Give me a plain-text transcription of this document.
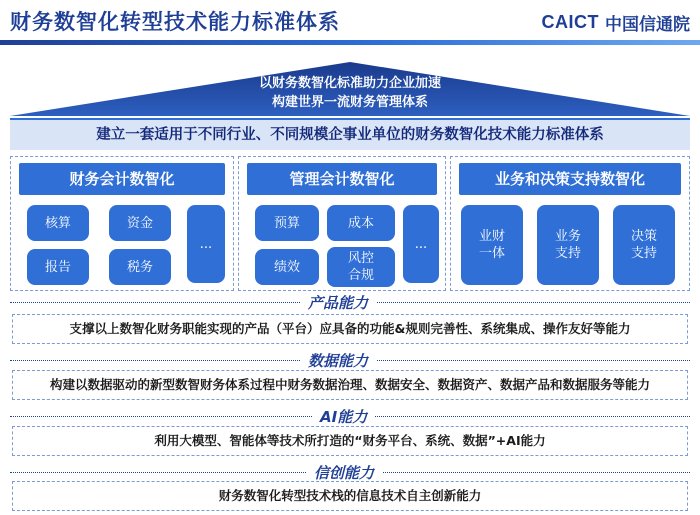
财务数智化转型技术能力标准体系	CAICT 中国信通院
以财务数智化标准助力企业加速
构建世界一流财务管理体系
建立一套适用于不同行业、不同规模企事业单位的财务数智化技术能力标准体系
财务会计数智化
核算	资金
...
报告	税务
管理会计数智化
预算	成本
...
绩效
风控
合规
业务和决策支持数智化
业财
一体
业务
支持
决策
支持
产品能力
支撑以上数智化财务职能实现的产品（平台）应具备的功能&规则完善性、系统集成、操作友好等能力
数据能力
构建以数据驱动的新型数智财务体系过程中财务数据治理、数据安全、数据资产、数据产品和数据服务等能力
AI能力
利用大模型、智能体等技术所打造的“财务平台、系统、数据”+AI能力
信创能力
财务数智化转型技术栈的信息技术自主创新能力
